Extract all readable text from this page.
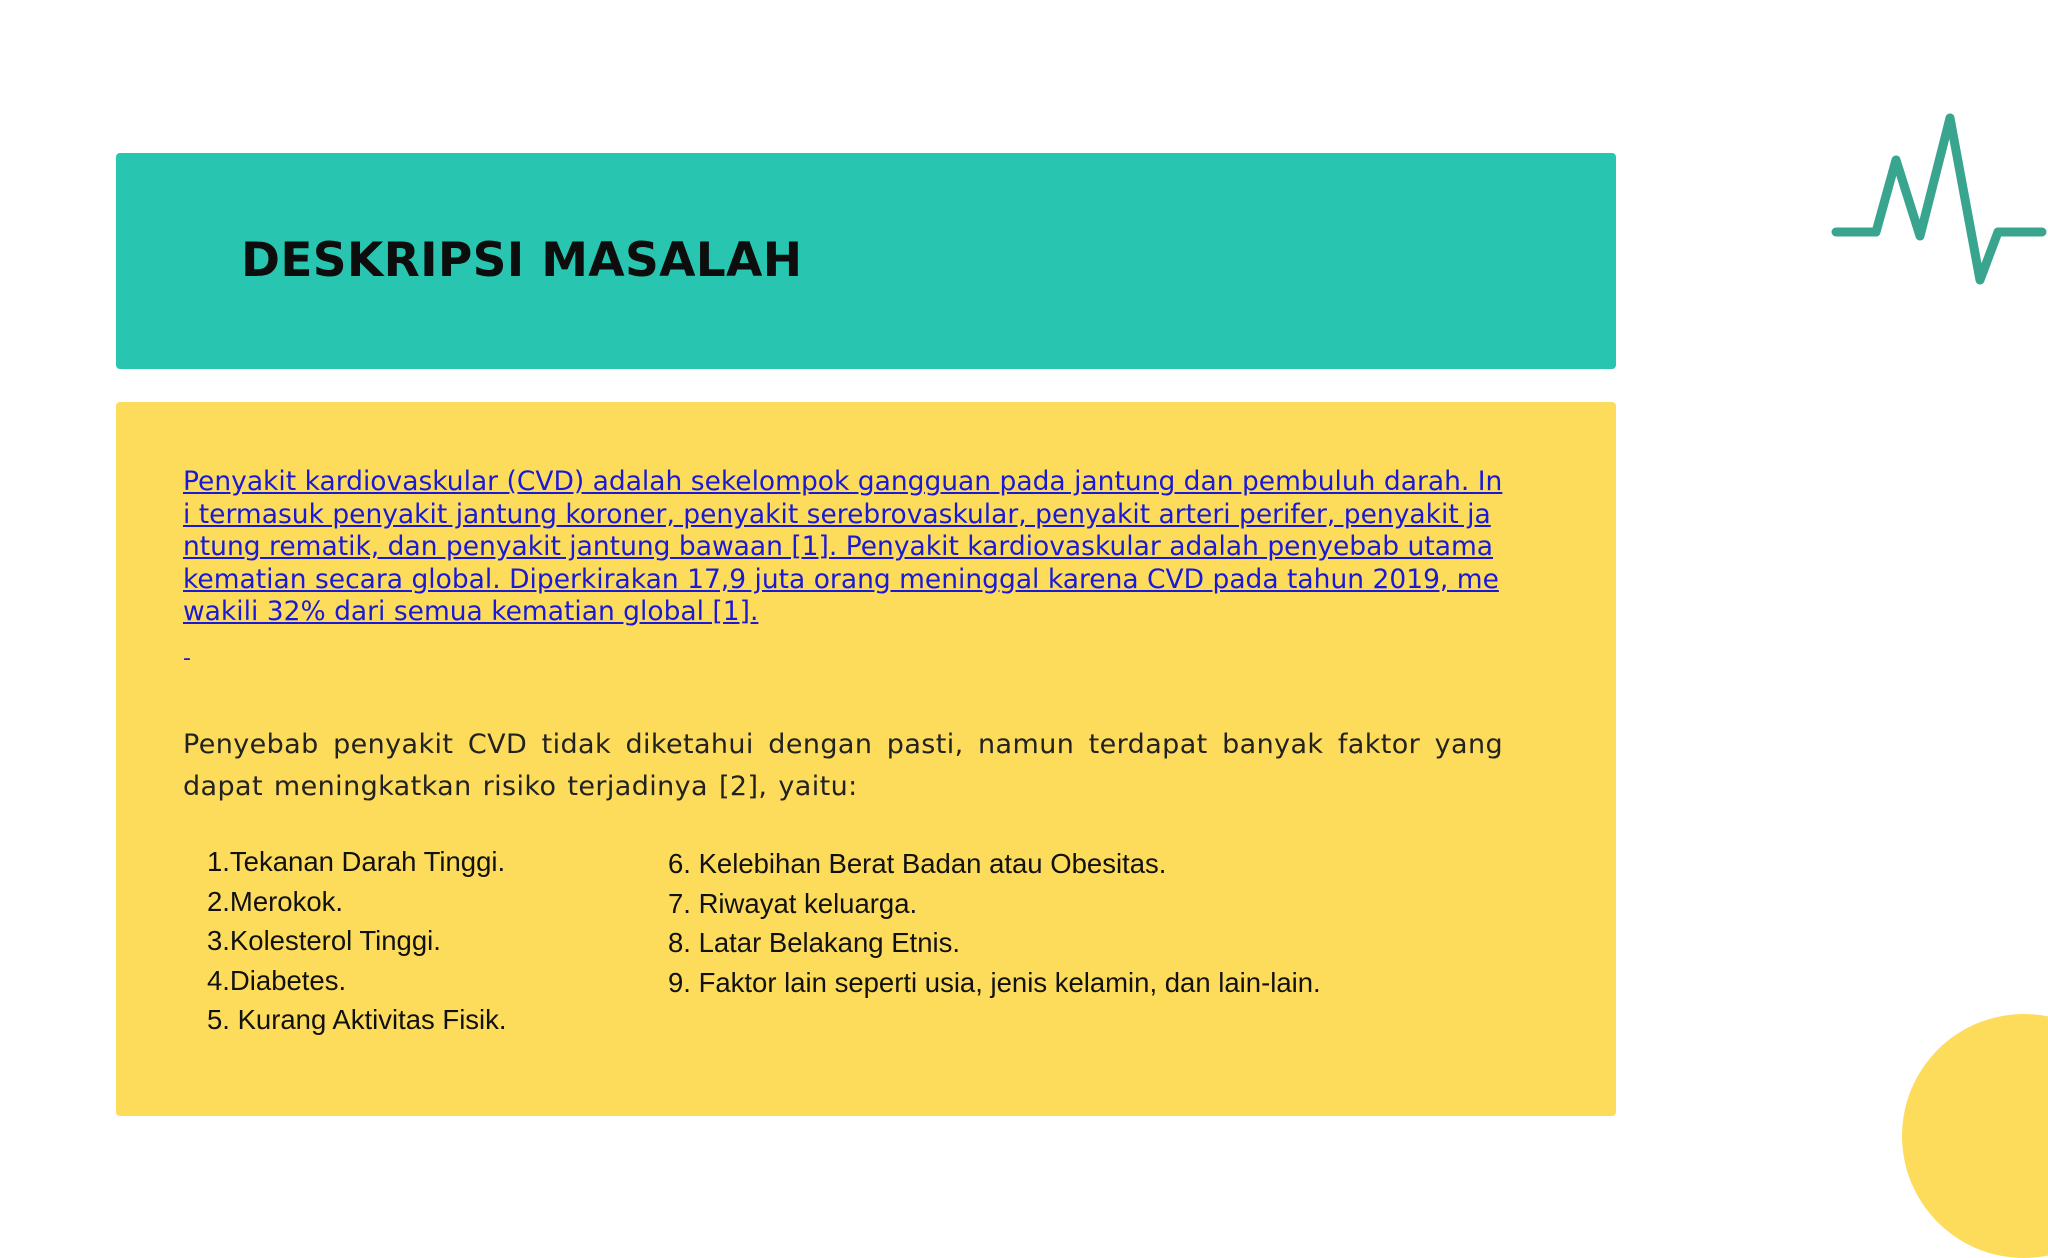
DESKRIPSI MASALAH

Penyakit kardiovaskular (CVD) adalah sekelompok gangguan pada jantung dan pembuluh darah. Ini termasuk penyakit jantung koroner, penyakit serebrovaskular, penyakit arteri perifer, penyakit jantung rematik, dan penyakit jantung bawaan [1]. Penyakit kardiovaskular adalah penyebab utama kematian secara global. Diperkirakan 17,9 juta orang meninggal karena CVD pada tahun 2019, mewakili 32% dari semua kematian global [1].

-

Penyebab penyakit CVD tidak diketahui dengan pasti, namun terdapat banyak faktor yang dapat meningkatkan risiko terjadinya [2], yaitu:

1.Tekanan Darah Tinggi.
2.Merokok.
3.Kolesterol Tinggi.
4.Diabetes.
5. Kurang Aktivitas Fisik.
6. Kelebihan Berat Badan atau Obesitas.
7. Riwayat keluarga.
8. Latar Belakang Etnis.
9. Faktor lain seperti usia, jenis kelamin, dan lain-lain.
